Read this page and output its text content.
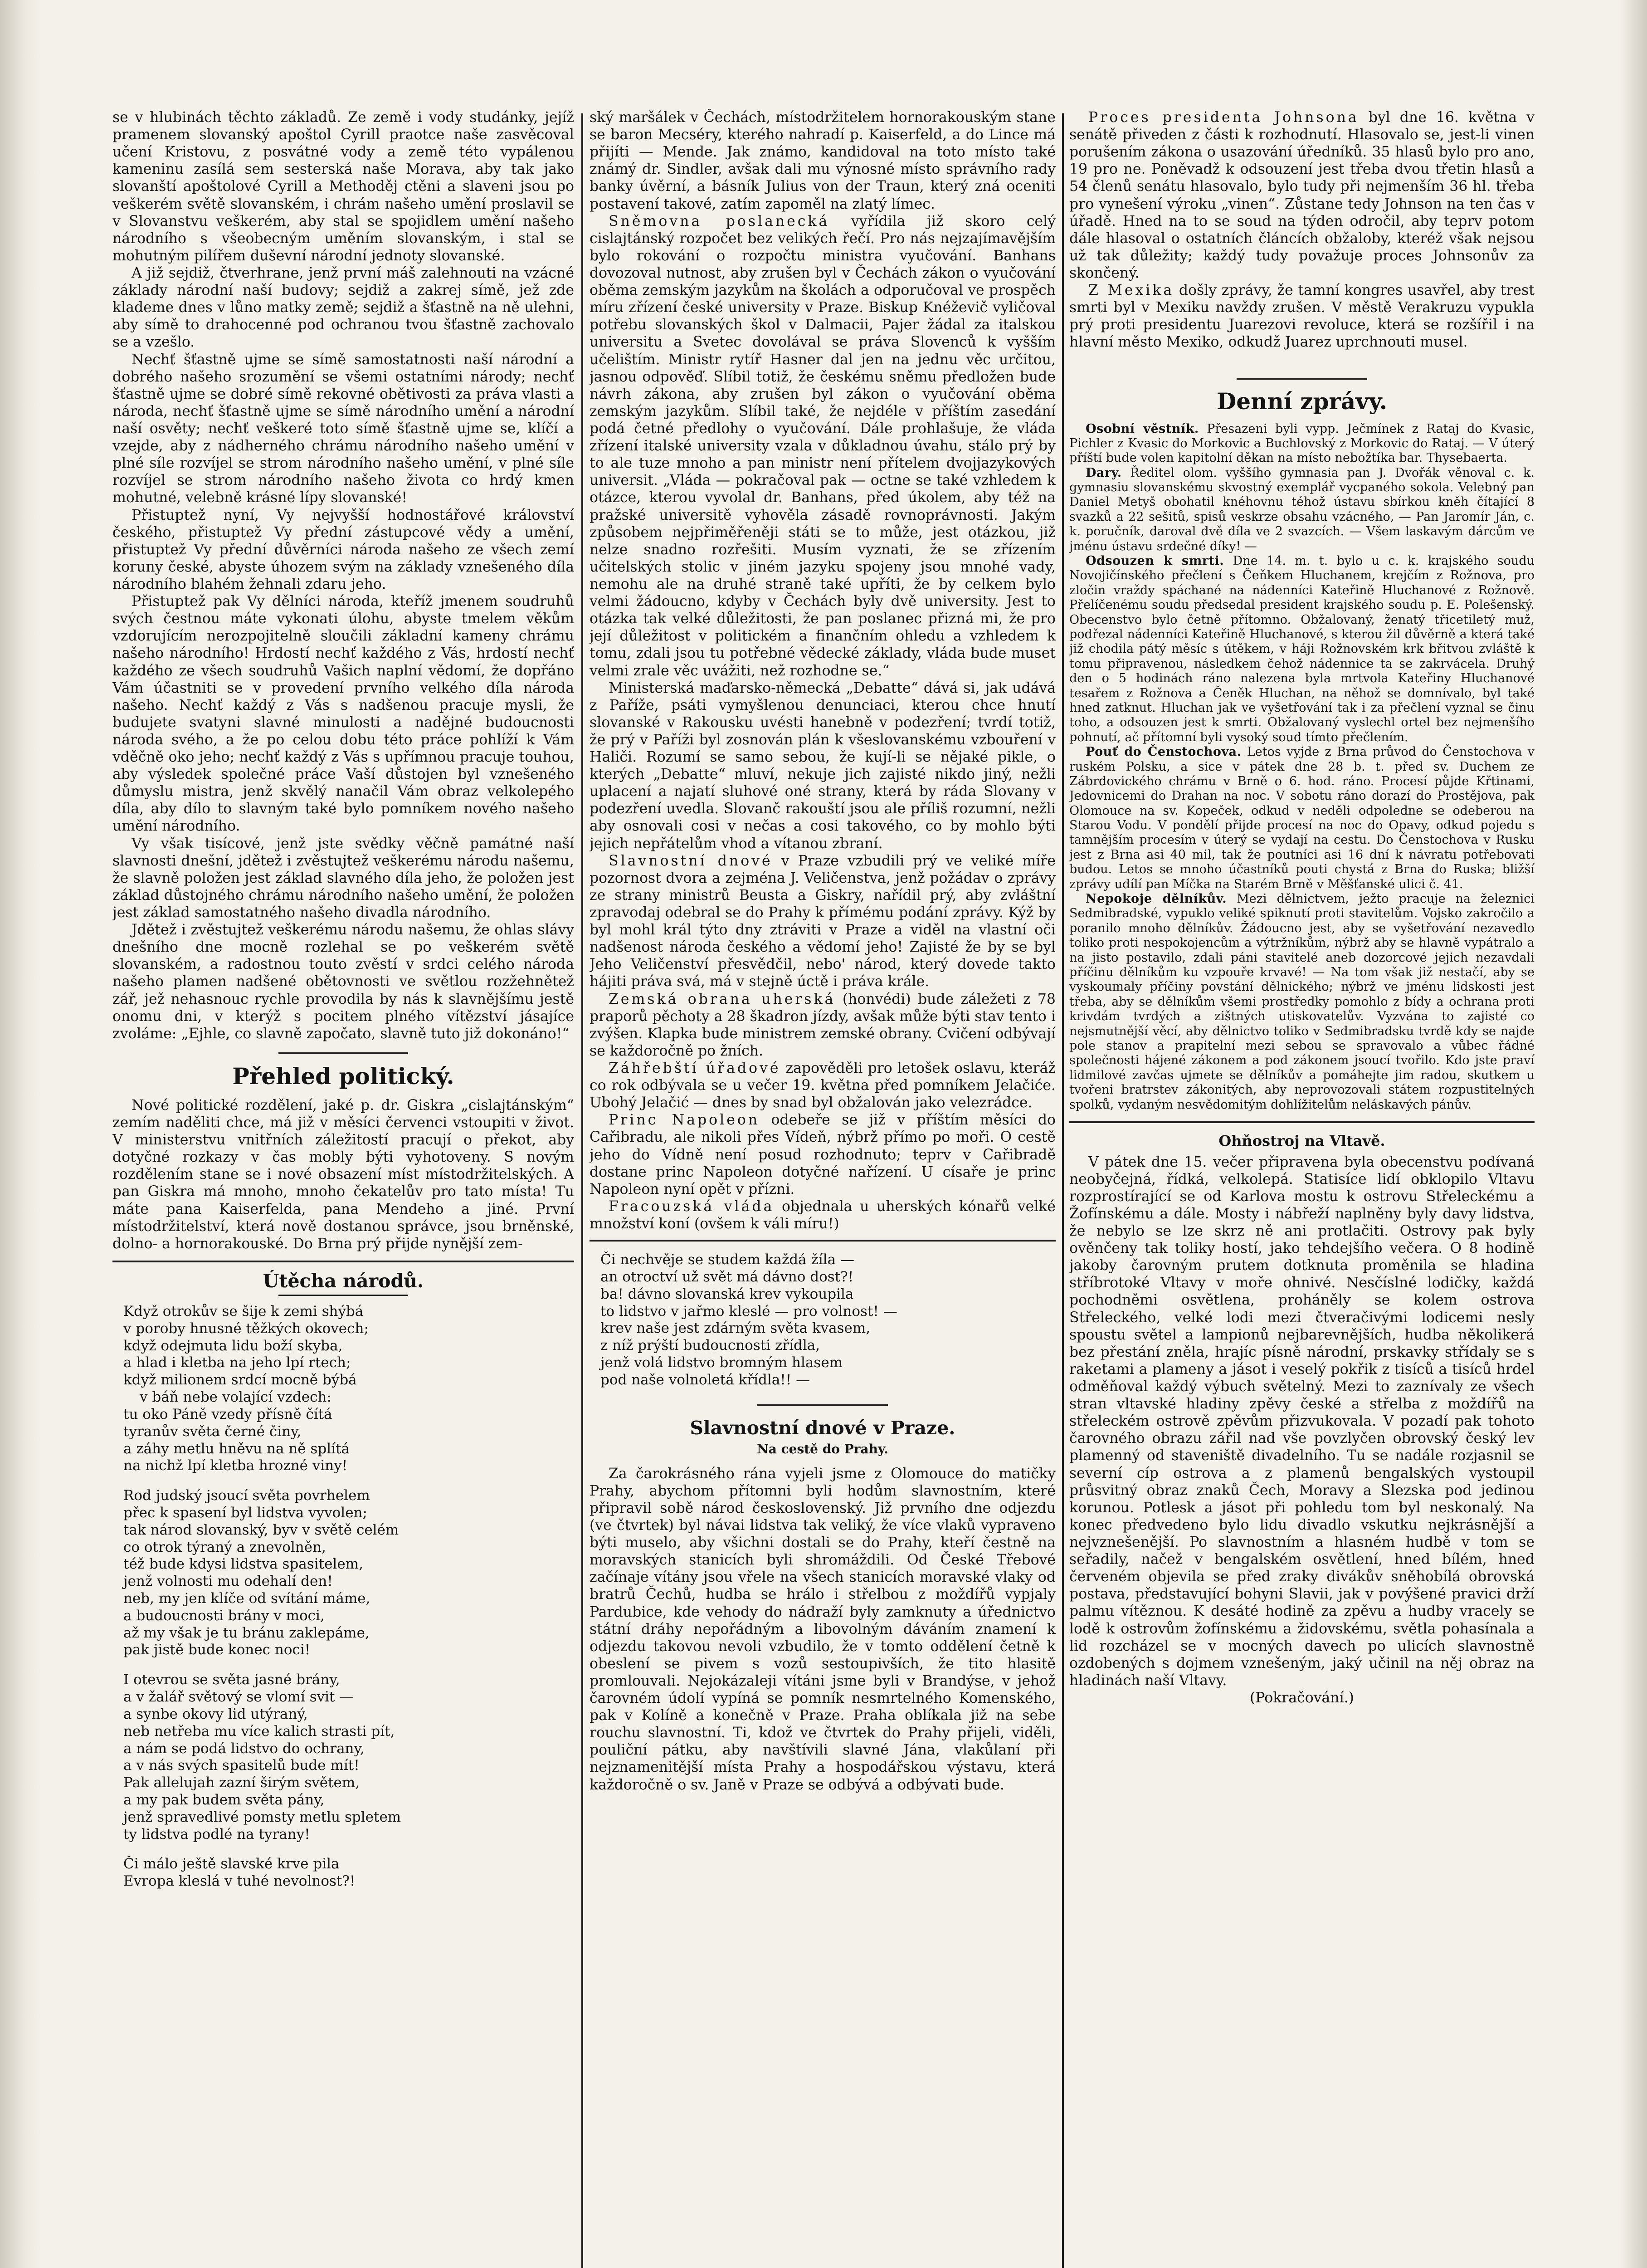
se v hlubinách těchto základů. Ze země i vody studánky, jejíž pramenem slovanský apoštol Cyrill praotce naše zasvěcoval učení Kristovu, z posvátné vody a země této vypálenou kameninu zasílá sem sesterská naše Morava, aby tak jako slovanští apoštolové Cyrill a Methoděj ctěni a slaveni jsou po veškerém světě slovanském, i chrám našeho umění proslavil se v Slovanstvu veškerém, aby stal se spojidlem umění našeho národního s všeobecným uměním slovanským, i stal se mohutným pilířem duševní národní jednoty slovanské.

A již sejdiž, čtverhrane, jenž první máš zalehnouti na vzácné základy národní naší budovy; sejdiž a zakrej símě, jež zde klademe dnes v lůno matky země; sejdiž a šťastně na ně ulehni, aby símě to drahocenné pod ochranou tvou šťastně zachovalo se a vzešlo.

Nechť šťastně ujme se símě samostatnosti naší národní a dobrého našeho srozumění se všemi ostatními národy; nechť šťastně ujme se dobré símě rekovné obětivosti za práva vlasti a národa, nechť šťastně ujme se símě národního umění a národní naší osvěty; nechť veškeré toto símě šťastně ujme se, klíčí a vzejde, aby z nádherného chrámu národního našeho umění v plné síle rozvíjel se strom národního našeho umění, v plné síle rozvíjel se strom národního našeho života co hrdý kmen mohutné, velebně krásné lípy slovanské!

Přistuptež nyní, Vy nejvyšší hodnostářové království českého, přistuptež Vy přední zástupcové vědy a umění, přistuptež Vy přední důvěrníci národa našeho ze všech zemí koruny české, abyste úhozem svým na základy vznešeného díla národního blahém žehnali zdaru jeho.

Přistuptež pak Vy dělníci národa, kteříž jmenem soudruhů svých čestnou máte vykonati úlohu, abyste tmelem věkům vzdorujícím nerozpojitelně sloučili základní kameny chrámu našeho národního! Hrdostí nechť každého z Vás, hrdostí nechť každého ze všech soudruhů Vašich naplní vědomí, že dopřáno Vám účastniti se v provedení prvního velkého díla národa našeho. Nechť každý z Vás s nadšenou pracuje mysli, že budujete svatyni slavné minulosti a nadějné budoucnosti národa svého, a že po celou dobu této práce pohlíží k Vám vděčně oko jeho; nechť každý z Vás s upřímnou pracuje touhou, aby výsledek společné práce Vaší důstojen byl vznešeného důmyslu mistra, jenž skvělý nanačil Vám obraz velkolepého díla, aby dílo to slavným také bylo pomníkem nového našeho umění národního.

Vy však tisícové, jenž jste svědky věčně památné naší slavnosti dnešní, jdětež i zvěstujtež veškerému národu našemu, že slavně položen jest základ slavného díla jeho, že položen jest základ důstojného chrámu národního našeho umění, že položen jest základ samostatného našeho divadla národního.

Jdětež i zvěstujtež veškerému národu našemu, že ohlas slávy dnešního dne mocně rozlehal se po veškerém světě slovanském, a radostnou touto zvěstí v srdci celého národa našeho plamen nadšené obětovnosti ve světlou rozžehnětež zář, jež nehasnouc rychle provodila by nás k slavnějšímu jestě onomu dni, v kterýž s pocitem plného vítězství jásajíce zvoláme: „Ejhle, co slavně započato, slavně tuto již dokonáno!“

Přehled politický.

Nové politické rozdělení, jaké p. dr. Giskra „cislajtánským“ zemím naděliti chce, má již v měsíci červenci vstoupiti v život. V ministerstvu vnitřních záležitostí pracují o překot, aby dotyčné rozkazy v čas mobly býti vyhotoveny. S novým rozdělením stane se i nové obsazení míst místodržitelských. A pan Giskra má mnoho, mnoho čekatelův pro tato místa! Tu máte pana Kaiserfelda, pana Mendeho a jiné. První místodržitelství, která nově dostanou správce, jsou brněnské, dolno- a hornorakouské. Do Brna prý přijde nynější zem-

Útěcha národů.
Když otrokův se šije k zemi shýbá
v poroby hnusné těžkých okovech;
když odejmuta lidu boží skyba,
a hlad i kletba na jeho lpí rtech;
když milionem srdcí mocně býbá
v báň nebe volající vzdech:
tu oko Páně vzedy přísně čítá
tyranův světa černé činy,
a záhy metlu hněvu na ně splítá
na nichž lpí kletba hrozné viny!
Rod judský jsoucí světa povrhelem
přec k spasení byl lidstva vyvolen;
tak národ slovanský, byv v světě celém
co otrok týraný a znevolněn,
též bude kdysi lidstva spasitelem,
jenž volnosti mu odehalí den!
neb, my jen klíče od svítání máme,
a budoucnosti brány v moci,
až my však je tu bránu zaklepáme,
pak jistě bude konec noci!
I otevrou se světa jasné brány,
a v žalář světový se vlomí svit —
a synbe okovy lid utýraný,
neb netřeba mu více kalich strasti pít,
a nám se podá lidstvo do ochrany,
a v nás svých spasitelů bude mít!
Pak allelujah zazní širým světem,
a my pak budem světa pány,
jenž spravedlivé pomsty metlu spletem
ty lidstva podlé na tyrany!
Či málo ještě slavské krve pila
Evropa kleslá v tuhé nevolnost?!

ský maršálek v Čechách, místodržitelem hornorakouským stane se baron Mecséry, kterého nahradí p. Kaiserfeld, a do Lince má přijíti — Mende. Jak známo, kandidoval na toto místo také známý dr. Sindler, avšak dali mu výnosné místo správního rady banky úvěrní, a básník Julius von der Traun, který zná oceniti postavení takové, zatím zapoměl na zlatý límec.

Sněmovna poslanecká vyřídila již skoro celý cislajtánský rozpočet bez velikých řečí. Pro nás nejzajímavějším bylo rokování o rozpočtu ministra vyučování. Banhans dovozoval nutnost, aby zrušen byl v Čechách zákon o vyučování oběma zemským jazykům na školách a odporučoval ve prospěch míru zřízení české university v Praze. Biskup Knéževič vyličoval potřebu slovanských škol v Dalmacii, Pajer žádal za italskou universitu a Svetec dovolával se práva Slovenců k vyšším učelištím. Ministr rytíř Hasner dal jen na jednu věc určitou, jasnou odpověď. Slíbil totiž, že českému sněmu předložen bude návrh zákona, aby zrušen byl zákon o vyučování oběma zemským jazykům. Slíbil také, že nejdéle v příštím zasedání podá četné předlohy o vyučování. Dále prohlašuje, že vláda zřízení italské university vzala v důkladnou úvahu, stálo prý by to ale tuze mnoho a pan ministr není přítelem dvojjazykových universit. „Vláda — pokračoval pak — octne se také vzhledem k otázce, kterou vyvolal dr. Banhans, před úkolem, aby též na pražské universitě vyhověla zásadě rovnoprávnosti. Jakým způsobem nejpřiměřeněji státi se to může, jest otázkou, již nelze snadno rozřešiti. Musím vyznati, že se zřízením učitelských stolic v jiném jazyku spojeny jsou mnohé vady, nemohu ale na druhé straně také upříti, že by celkem bylo velmi žádoucno, kdyby v Čechách byly dvě university. Jest to otázka tak velké důležitosti, že pan poslanec přizná mi, že pro její důležitost v politickém a finančním ohledu a vzhledem k tomu, zdali jsou tu potřebné vědecké základy, vláda bude muset velmi zrale věc uvážiti, než rozhodne se.“

Ministerská maďarsko-německá „Debatte“ dává si, jak udává z Paříže, psáti vymyšlenou denunciaci, kterou chce hnutí slovanské v Rakousku uvésti hanebně v podezření; tvrdí totiž, že prý v Paříži byl zosnován plán k všeslovanskému vzbouření v Haliči. Rozumí se samo sebou, že kují-li se nějaké pikle, o kterých „Debatte“ mluví, nekuje jich zajisté nikdo jiný, nežli uplacení a najatí sluhové oné strany, která by ráda Slovany v podezření uvedla. Slovanč rakouští jsou ale příliš rozumní, nežli aby osnovali cosi v nečas a cosi takového, co by mohlo býti jejich nepřátelům vhod a vítanou zbraní.

Slavnostní dnové v Praze vzbudili prý ve veliké míře pozornost dvora a zejména J. Veličenstva, jenž požádav o zprávy ze strany ministrů Beusta a Giskry, nařídil prý, aby zvláštní zpravodaj odebral se do Prahy k přímému podání zprávy. Kýž by byl mohl král týto dny ztráviti v Praze a viděl na vlastní oči nadšenost národa českého a vědomí jeho! Zajisté že by se byl Jeho Veličenství přesvědčil, nebo' národ, který dovede takto hájiti práva svá, má v stejně úctě i práva krále.

Zemská obrana uherská (honvédi) bude záležeti z 78 praporů pěchoty a 28 škadron jízdy, avšak může býti stav tento i zvýšen. Klapka bude ministrem zemské obrany. Cvičení odbývají se každoročně po žních.

Záhřebští úřadové zapověděli pro letošek oslavu, kteráž co rok odbývala se u večer 19. května před pomníkem Jelačiće. Ubohý Jelačić — dnes by snad byl obžalován jako velezrádce.

Princ Napoleon odebeře se již v příštím měsíci do Cařibradu, ale nikoli přes Vídeň, nýbrž přímo po moři. O cestě jeho do Vídně není posud rozhodnuto; teprv v Cařibradě dostane princ Napoleon dotyčné nařízení. U císaře je princ Napoleon nyní opět v přízni.

Fracouzská vláda objednala u uherských kónařů velké množství koní (ovšem k váli míru!)

Či nechvěje se studem každá žíla —
an otroctví už svět má dávno dost?!
ba! dávno slovanská krev vykoupila
to lidstvo v jařmo kleslé — pro volnost! —
krev naše jest zdárným světa kvasem,
z níž prýští budoucnosti zřídla,
jenž volá lidstvo bromným hlasem
pod naše volnoletá křídla!! —
Slavnostní dnové v Praze.
Na cestě do Prahy.

Za čarokrásného rána vyjeli jsme z Olomouce do matičky Prahy, abychom přítomni byli hodům slavnostním, které připravil sobě národ československý. Již prvního dne odjezdu (ve čtvrtek) byl návai lidstva tak veliký, že více vlaků vypraveno býti muselo, aby všichni dostali se do Prahy, kteří čestně na moravských stanicích byli shromáždili. Od České Třebové začínaje vítány jsou vřele na všech stanicích moravské vlaky od bratrů Čechů, hudba se hrálo i střelbou z moždířů vypjaly Pardubice, kde vehody do nádraží byly zamknuty a úřednictvo státní dráhy nepořádným a libovolným dáváním znamení k odjezdu takovou nevoli vzbudilo, že v tomto oddělení četně k obeslení se pivem s vozů sestoupivších, že tito hlasitě promlouvali. Nejokázaleji vítáni jsme byli v Brandýse, v jehož čarovném údolí vypíná se pomník nesmrtelného Komenského, pak v Kolíně a konečně v Praze. Praha oblíkala již na sebe rouchu slavnostní. Ti, kdož ve čtvrtek do Prahy přijeli, viděli, pouliční pátku, aby navštívili slavné Jána, vlakůlaní při nejznamenitější místa Prahy a hospodářskou výstavu, která každoročně o sv. Janě v Praze se odbývá a odbývati bude.

Proces presidenta Johnsona byl dne 16. května v senátě přiveden z části k rozhodnutí. Hlasovalo se, jest-li vinen porušením zákona o usazování úředníků. 35 hlasů bylo pro ano, 19 pro ne. Poněvadž k odsouzení jest třeba dvou třetin hlasů a 54 členů senátu hlasovalo, bylo tudy při nejmenším 36 hl. třeba pro vynešení výroku „vinen“. Zůstane tedy Johnson na ten čas v úřadě. Hned na to se soud na týden odročil, aby teprv potom dále hlasoval o ostatních článcích obžaloby, kteréž však nejsou už tak důležity; každý tudy považuje proces Johnsonův za skončený.

Z Mexika došly zprávy, že tamní kongres usavřel, aby trest smrti byl v Mexiku navždy zrušen. V městě Verakruzu vypukla prý proti presidentu Juarezovi revoluce, která se rozšířil i na hlavní město Mexiko, odkudž Juarez uprchnouti musel.

Denní zprávy.

Osobní věstník. Přesazeni byli vypp. Ječmínek z Rataj do Kvasic, Pichler z Kvasic do Morkovic a Buchlovský z Morkovic do Rataj. — V úterý příští bude volen kapitolní děkan na místo nebožtíka bar. Thysebaerta.

Dary. Ředitel olom. vyššího gymnasia pan J. Dvořák věnoval c. k. gymnasiu slovanskému skvostný exemplář vycpaného sokola. Velebný pan Daniel Metyš obohatil knéhovnu téhož ústavu sbírkou kněh čítající 8 svazků a 22 sešitů, spisů veskrze obsahu vzácného, — Pan Jaromír Ján, c. k. poručník, daroval dvě díla ve 2 svazcích. — Všem laskavým dárcům ve jménu ústavu srdečné díky! —

Odsouzen k smrti. Dne 14. m. t. bylo u c. k. krajského soudu Novojičínského přečlení s Čeňkem Hluchanem, krejčím z Rožnova, pro zločin vraždy spáchané na nádenníci Kateřině Hluchanové z Rožnově. Přelíčenému soudu předsedal president krajského soudu p. E. Polešenský. Obecenstvo bylo četně přítomno. Obžalovaný, ženatý třicetiletý muž, podřezal nádenníci Kateřině Hluchanové, s kterou žil důvěrně a která také již chodila pátý měsíc s útěkem, v háji Rožnovském krk břitvou zvláště k tomu připravenou, následkem čehož nádennice ta se zakrvácela. Druhý den o 5 hodinách ráno nalezena byla mrtvola Kateřiny Hluchanové tesařem z Rožnova a Čeněk Hluchan, na něhož se domnívalo, byl také hned zatknut. Hluchan jak ve vyšetřování tak i za přečlení vyznal se činu toho, a odsouzen jest k smrti. Obžalovaný vyslechl ortel bez nejmenšího pohnutí, ač přítomní byli vysoký soud tímto přečlením.

Pouť do Čenstochova. Letos vyjde z Brna průvod do Čenstochova v ruském Polsku, a sice v pátek dne 28 b. t. před sv. Duchem ze Zábrdovického chrámu v Brně o 6. hod. ráno. Procesí půjde Křtinami, Jedovnicemi do Drahan na noc. V sobotu ráno dorazí do Prostějova, pak Olomouce na sv. Kopeček, odkud v neděli odpoledne se odeberou na Starou Vodu. V pondělí přijde procesí na noc do Opavy, odkud pojedu s tamnějším procesím v úterý se vydají na cestu. Do Čenstochova v Rusku jest z Brna asi 40 mil, tak že poutníci asi 16 dní k návratu potřebovati budou. Letos se mnoho účastníků pouti chystá z Brna do Ruska; bližší zprávy udílí pan Míčka na Starém Brně v Měšťanské ulici č. 41.

Nepokoje dělníkův. Mezi dělnictvem, ježto pracuje na železnici Sedmibradské, vypuklo veliké spiknutí proti stavitelům. Vojsko zakročilo a poranilo mnoho dělníkův. Žádoucno jest, aby se vyšetřování nezavedlo toliko proti nespokojencům a výtržníkům, nýbrž aby se hlavně vypátralo a na jisto postavilo, zdali páni stavitelé aneb dozorcové jejich nezavdali příčinu dělníkům ku vzpouře krvavé! — Na tom však již nestačí, aby se vyskoumaly příčiny povstání dělnického; nýbrž ve jménu lidskosti jest třeba, aby se dělníkům všemi prostředky pomohlo z bídy a ochrana proti krivdám tvrdých a zištných utiskovatelův. Vyzvána to zajisté co nejsmutnější věcí, aby dělnictvo toliko v Sedmibradsku tvrdě kdy se najde pole stanov a prapitelní mezi sebou se spravovalo a vůbec řádné společnosti hájené zákonem a pod zákonem jsoucí tvořilo. Kdo jste praví lidmilové zavčas ujmete se dělníkův a pomáhejte jim radou, skutkem u tvořeni bratrstev zákonitých, aby neprovozovali státem rozpustitelných spolků, vydaným nesvědomitým dohlížitelům neláskavých pánův.

Ohňostroj na Vltavě.

V pátek dne 15. večer připravena byla obecenstvu podívaná neobyčejná, řídká, velkolepá. Statisíce lidí obklopilo Vltavu rozprostírající se od Karlova mostu k ostrovu Střeleckému a Žofínskému a dále. Mosty i nábřeží naplněny byly davy lidstva, že nebylo se lze skrz ně ani protlačiti. Ostrovy pak byly ověnčeny tak toliky hostí, jako tehdejšího večera. O 8 hodině jakoby čarovným prutem dotknuta proměnila se hladina stříbrotoké Vltavy v moře ohnivé. Nesčíslné lodičky, každá pochodněmi osvětlena, proháněly se kolem ostrova Střeleckého, velké lodi mezi čtveračivými lodicemi nesly spoustu světel a lampionů nejbarevnějších, hudba několikerá bez přestání zněla, hrajíc písně národní, prskavky střídaly se s raketami a plameny a jásot i veselý pokřik z tisíců a tisíců hrdel odměňoval každý výbuch světelný. Mezi to zaznívaly ze všech stran vltavské hladiny zpěvy české a střelba z moždířů na střeleckém ostrově zpěvům přizvukovala. V pozadí pak tohoto čarovného obrazu zářil nad vše povzlyčen obrovský český lev plamenný od staveniště divadelního. Tu se nadále rozjasnil se severní cíp ostrova a z plamenů bengalských vystoupil průsvitný obraz znaků Čech, Moravy a Slezska pod jedinou korunou. Potlesk a jásot při pohledu tom byl neskonalý. Na konec předvedeno bylo lidu divadlo vskutku nejkrásnější a nejvznešenější. Po slavnostním a hlasném hudbě v tom se seřadily, načež v bengalském osvětlení, hned bílém, hned červeném objevila se před zraky divákův sněhobílá obrovská postava, představující bohyni Slavii, jak v povýšené pravici drží palmu vítěznou. K desáté hodině za zpěvu a hudby vracely se lodě k ostrovům žofínskému a židovskému, světla pohasínala a lid rozcházel se v mocných davech po ulicích slavnostně ozdobených s dojmem vznešeným, jaký učinil na něj obraz na hladinách naší Vltavy.

(Pokračování.)
